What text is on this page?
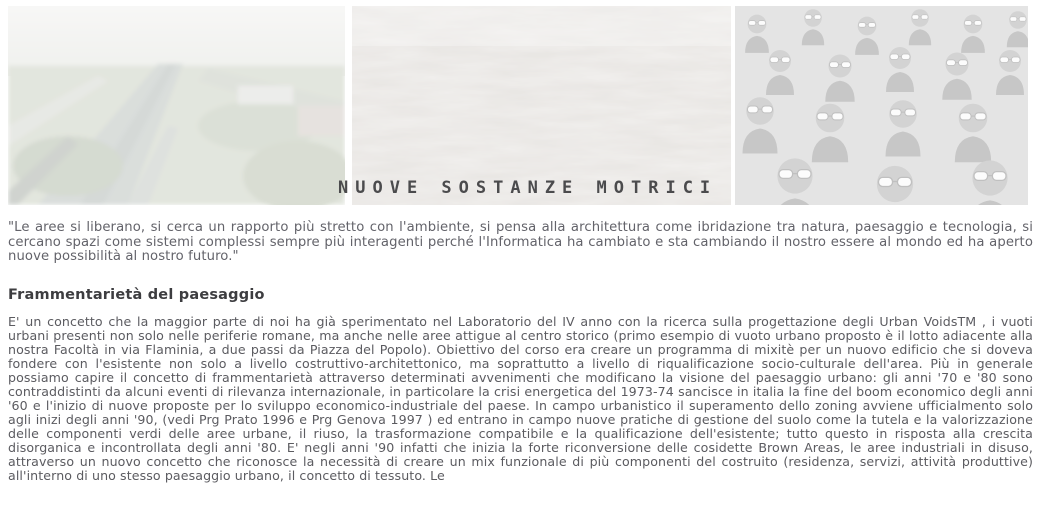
NUOVE SOSTANZE MOTRICI

"Le aree si liberano, si cerca un rapporto più stretto con l'ambiente, si pensa alla architettura come ibridazione tra natura, paesaggio e tecnologia, si cercano spazi come sistemi complessi sempre più interagenti perché l'Informatica ha cambiato e sta cambiando il nostro essere al mondo ed ha aperto nuove possibilità al nostro futuro."

Frammentarietà del paesaggio

E' un concetto che la maggior parte di noi ha già sperimentato nel Laboratorio del IV anno con la ricerca sulla progettazione degli Urban VoidsTM , i vuoti urbani presenti non solo nelle periferie romane, ma anche nelle aree attigue al centro storico (primo esempio di vuoto urbano proposto è il lotto adiacente alla nostra Facoltà in via Flaminia, a due passi da Piazza del Popolo). Obiettivo del corso era creare un programma di mixitè per un nuovo edificio che si doveva fondere con l'esistente non solo a livello costruttivo-architettonico, ma soprattutto a livello di riqualificazione socio-culturale dell'area. Più in generale possiamo capire il concetto di frammentarietà attraverso determinati avvenimenti che modificano la visione del paesaggio urbano: gli anni '70 e '80 sono contraddistinti da alcuni eventi di rilevanza internazionale, in particolare la crisi energetica del 1973-74 sancisce in italia la fine del boom economico degli anni '60 e l'inizio di nuove proposte per lo sviluppo economico-industriale del paese. In campo urbanistico il superamento dello zoning avviene ufficialmento solo agli inizi degli anni '90, (vedi Prg Prato 1996 e Prg Genova 1997 ) ed entrano in campo nuove pratiche di gestione del suolo come la tutela e la valorizzazione delle componenti verdi delle aree urbane, il riuso, la trasformazione compatibile e la qualificazione dell'esistente; tutto questo in risposta alla crescita disorganica e incontrollata degli anni '80. E' negli anni '90 infatti che inizia la forte riconversione delle cosidette Brown Areas, le aree industriali in disuso, attraverso un nuovo concetto che riconosce la necessità di creare un mix funzionale di più componenti del costruito (residenza, servizi, attività produttive) all'interno di uno stesso paesaggio urbano, il concetto di tessuto. Le
